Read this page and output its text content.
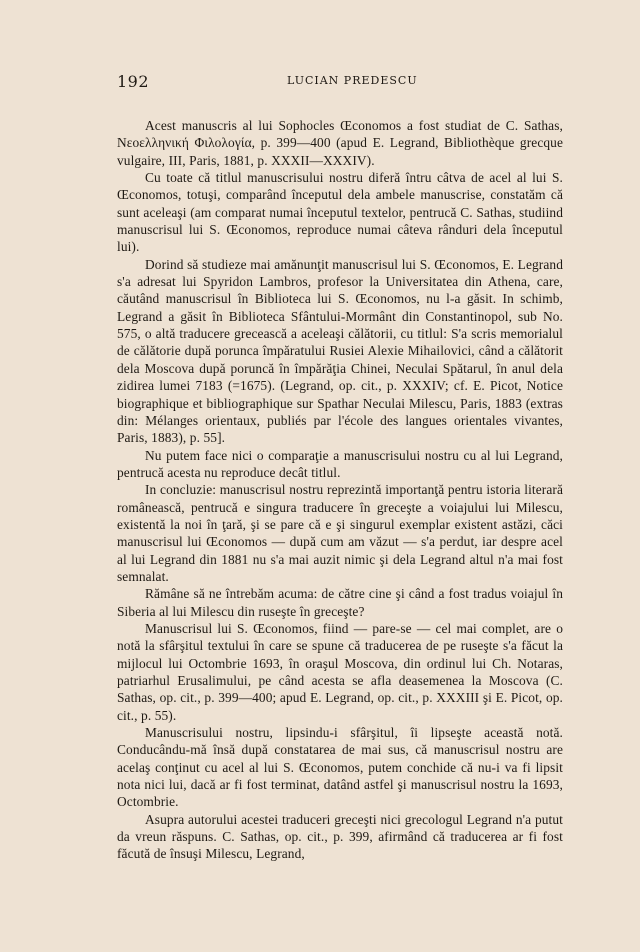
192	LUCIAN PREDESCU

Acest manuscris al lui Sophocles Œconomos a fost studiat de C. Sathas, Νεοελληνική Φιλολογία, p. 399—400 (apud E. Legrand, Bibliothèque grecque vulgaire, III, Paris, 1881, p. XXXII—XXXIV).

Cu toate că titlul manuscrisului nostru diferă întru câtva de acel al lui S. Œconomos, totuşi, comparând începutul dela ambele manuscrise, constatăm că sunt aceleaşi (am comparat numai începutul textelor, pentrucă C. Sathas, studiind manuscrisul lui S. Œconomos, reproduce numai câteva rânduri dela începutul lui).

Dorind să studieze mai amănunţit manuscrisul lui S. Œconomos, E. Legrand s'a adresat lui Spyridon Lambros, profesor la Universitatea din Athena, care, căutând manuscrisul în Biblioteca lui S. Œconomos, nu l-a găsit. In schimb, Legrand a găsit în Biblioteca Sfântului-Mormânt din Constantinopol, sub No. 575, o altă traducere grecească a aceleaşi călătorii, cu titlul: S'a scris memorialul de călătorie după porunca împăratului Rusiei Alexie Mihailovici, când a călătorit dela Moscova după poruncă în împărăţia Chinei, Neculai Spătarul, în anul dela zidirea lumei 7183 (=1675). (Legrand, op. cit., p. XXXIV; cf. E. Picot, Notice biographique et bibliographique sur Spathar Neculai Milescu, Paris, 1883 (extras din: Mélanges orientaux, publiés par l'école des langues orientales vivantes, Paris, 1883), p. 55].

Nu putem face nici o comparaţie a manuscrisului nostru cu al lui Legrand, pentrucă acesta nu reproduce decât titlul.

In concluzie: manuscrisul nostru reprezintă importanţă pentru istoria literară românească, pentrucă e singura traducere în greceşte a voiajului lui Milescu, existentă la noi în ţară, şi se pare că e şi singurul exemplar existent astăzi, căci manuscrisul lui Œconomos — după cum am văzut — s'a perdut, iar despre acel al lui Legrand din 1881 nu s'a mai auzit nimic şi dela Legrand altul n'a mai fost semnalat.

Rămâne să ne întrebăm acuma: de către cine şi când a fost tradus voiajul în Siberia al lui Milescu din ruseşte în greceşte?

Manuscrisul lui S. Œconomos, fiind — pare-se — cel mai complet, are o notă la sfârşitul textului în care se spune că traducerea de pe ruseşte s'a făcut la mijlocul lui Octombrie 1693, în oraşul Moscova, din ordinul lui Ch. Notaras, patriarhul Erusalimului, pe când acesta se afla deasemenea la Moscova (C. Sathas, op. cit., p. 399—400; apud E. Legrand, op. cit., p. XXXIII şi E. Picot, op. cit., p. 55).

Manuscrisului nostru, lipsindu-i sfârşitul, îi lipseşte această notă. Conducându-mă însă după constatarea de mai sus, că manuscrisul nostru are acelaş conţinut cu acel al lui S. Œconomos, putem conchide că nu-i va fi lipsit nota nici lui, dacă ar fi fost terminat, datând astfel şi manuscrisul nostru la 1693, Octombrie.

Asupra autorului acestei traduceri greceşti nici grecologul Legrand n'a putut da vreun răspuns. C. Sathas, op. cit., p. 399, afirmând că traducerea ar fi fost făcută de însuşi Milescu, Legrand,
